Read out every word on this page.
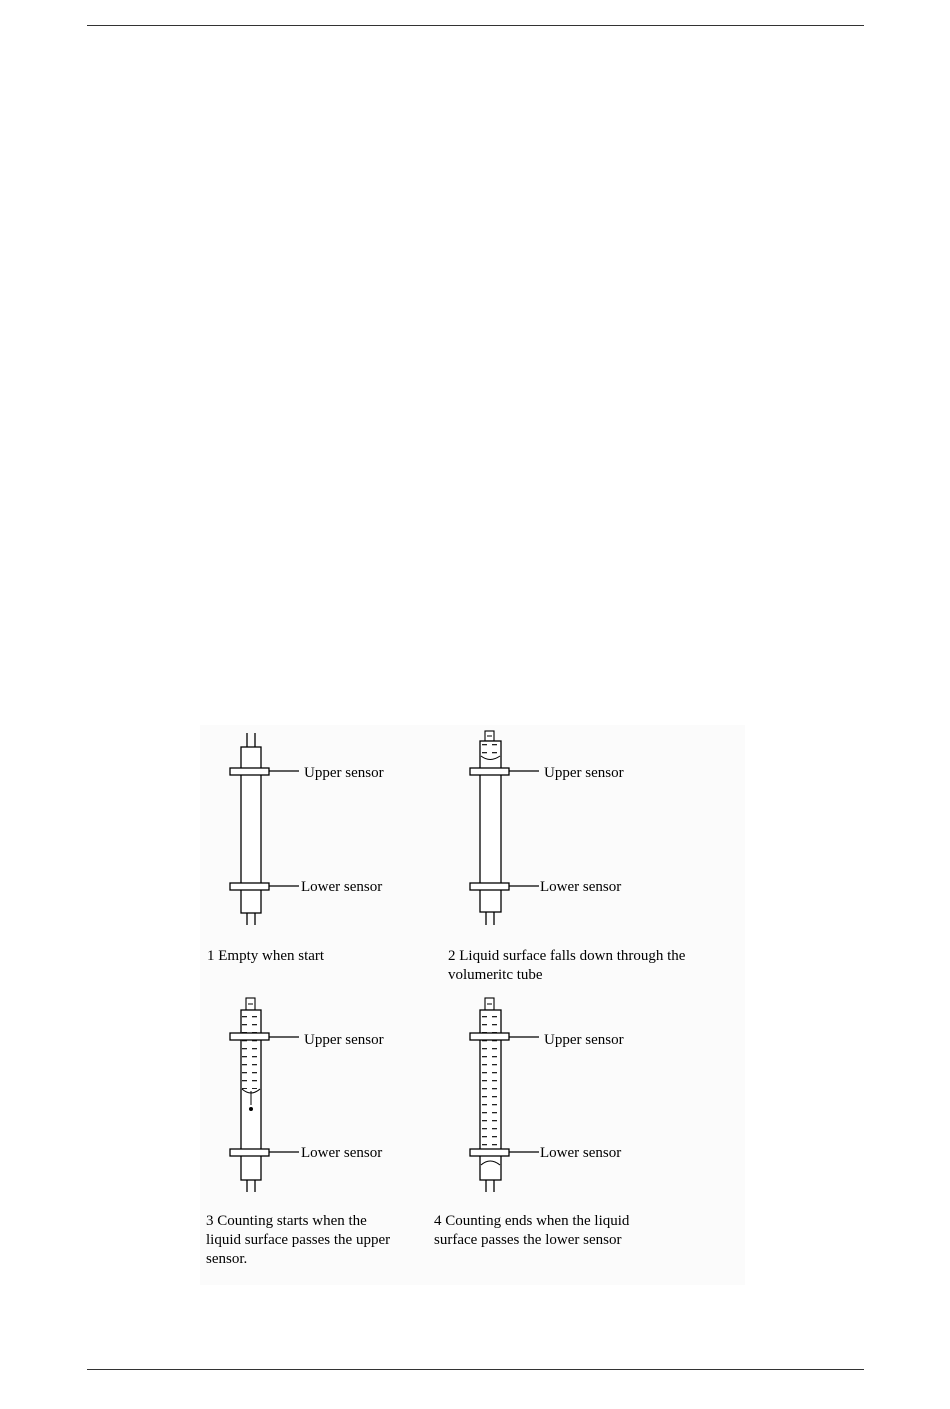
Upper sensor
Lower sensor
Upper sensor
Lower sensor
Upper sensor
Lower sensor
Upper sensor
Lower sensor

1 Empty when start	2 Liquid surface falls down through the
volumeritc tube

3 Counting starts when the
liquid surface passes the upper
sensor.

4 Counting ends when the liquid
surface passes the lower sensor
